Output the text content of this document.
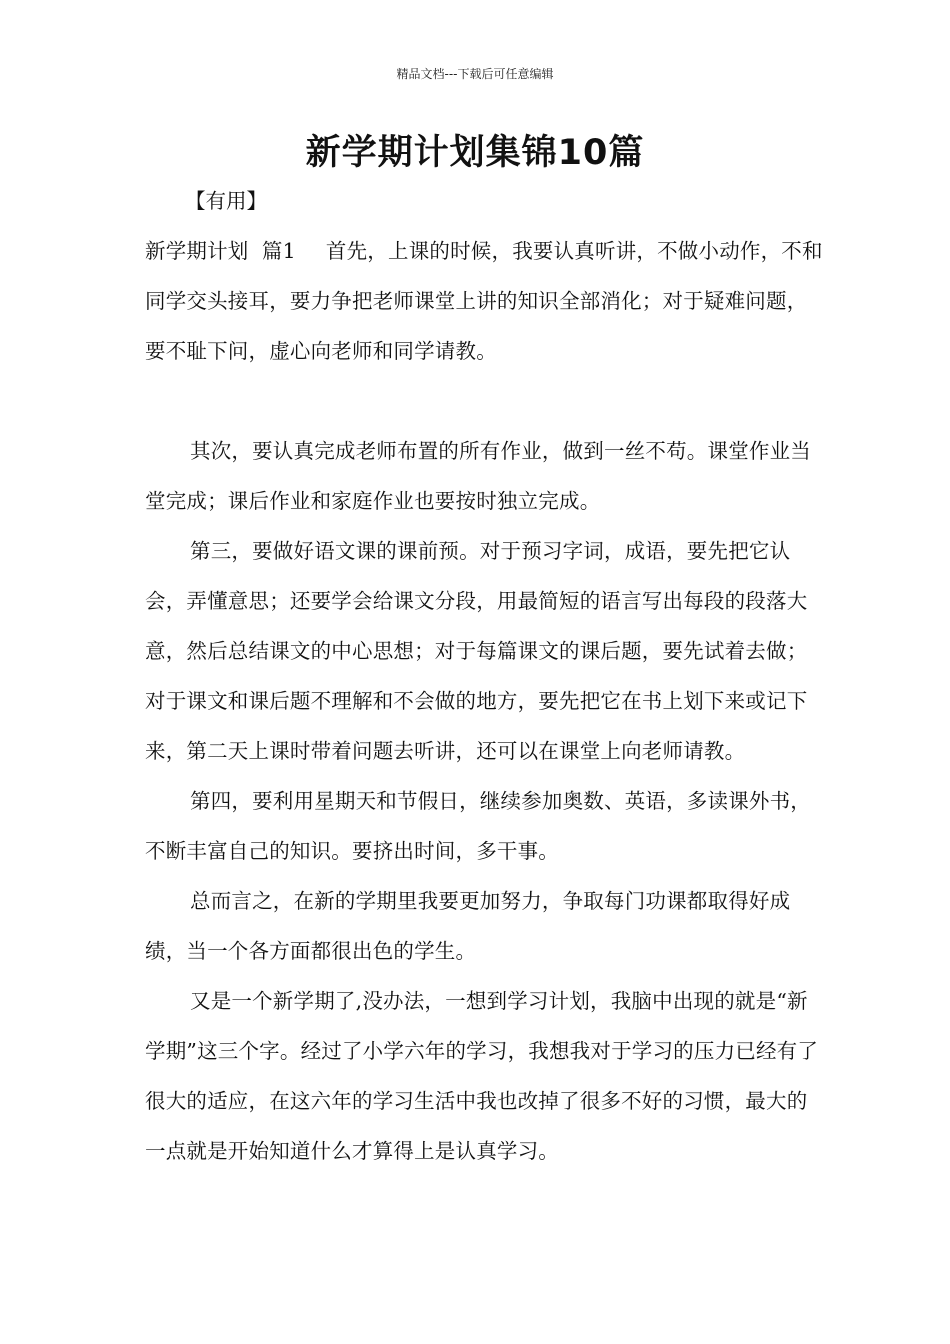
精品文档---下载后可任意编辑
新学期计划集锦10篇
【有用】

新学期计划  篇1 首先，上课的时候，我要认真听讲，不做小动作，不和同学交头接耳，要力争把老师课堂上讲的知识全部消化；对于疑难问题，要不耻下问，虚心向老师和同学请教。

其次，要认真完成老师布置的所有作业，做到一丝不苟。课堂作业当堂完成；课后作业和家庭作业也要按时独立完成。

第三，要做好语文课的课前预。对于预习字词，成语，要先把它认会，弄懂意思；还要学会给课文分段，用最简短的语言写出每段的段落大意，然后总结课文的中心思想；对于每篇课文的课后题，要先试着去做；对于课文和课后题不理解和不会做的地方，要先把它在书上划下来或记下来，第二天上课时带着问题去听讲，还可以在课堂上向老师请教。

第四，要利用星期天和节假日，继续参加奥数、英语，多读课外书，不断丰富自己的知识。要挤出时间，多干事。

总而言之，在新的学期里我要更加努力，争取每门功课都取得好成绩，当一个各方面都很出色的学生。

又是一个新学期了,没办法，一想到学习计划，我脑中出现的就是“新学期”这三个字。经过了小学六年的学习，我想我对于学习的压力已经有了很大的适应，在这六年的学习生活中我也改掉了很多不好的习惯，最大的一点就是开始知道什么才算得上是认真学习。
